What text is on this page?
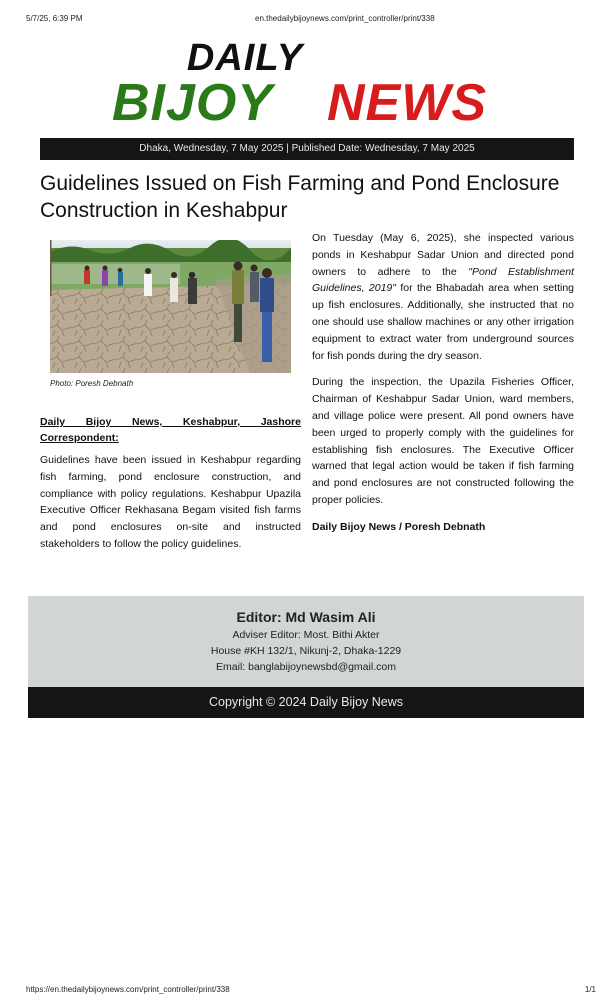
5/7/25, 6:39 PM	en.thedailybijoynews.com/print_controller/print/338
DAILY
BIJOY NEWS
Dhaka, Wednesday, 7 May 2025 | Published Date: Wednesday, 7 May 2025
Guidelines Issued on Fish Farming and Pond Enclosure Construction in Keshabpur
Photo: Poresh Debnath
Daily Bijoy News, Keshabpur, Jashore
Correspondent:

Guidelines have been issued in Keshabpur regarding fish farming, pond enclosure construction, and compliance with policy regulations. Keshabpur Upazila Executive Officer Rekhasana Begam visited fish farms and pond enclosures on-site and instructed stakeholders to follow the policy guidelines.

On Tuesday (May 6, 2025), she inspected various ponds in Keshabpur Sadar Union and directed pond owners to adhere to the "Pond Establishment Guidelines, 2019" for the Bhabadah area when setting up fish enclosures. Additionally, she instructed that no one should use shallow machines or any other irrigation equipment to extract water from underground sources for fish ponds during the dry season.

During the inspection, the Upazila Fisheries Officer, Chairman of Keshabpur Sadar Union, ward members, and village police were present. All pond owners have been urged to properly comply with the guidelines for establishing fish enclosures. The Executive Officer warned that legal action would be taken if fish farming and pond enclosures are not constructed following the proper policies.

Daily Bijoy News / Poresh Debnath
Editor: Md Wasim Ali
Adviser Editor: Most. Bithi Akter
House #KH 132/1, Nikunj-2, Dhaka-1229
Email: banglabijoynewsbd@gmail.com
Copyright © 2024 Daily Bijoy News
https://en.thedailybijoynews.com/print_controller/print/338	1/1
